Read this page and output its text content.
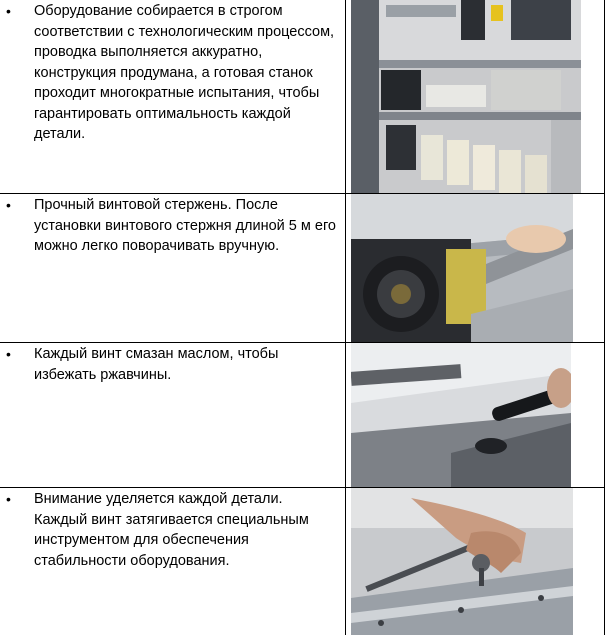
• Оборудование собирается в строгом соответствии с технологическим процессом, проводка выполняется аккуратно, конструкция продумана, а готовая станок проходит многократные испытания, чтобы гарантировать оптимальность каждой детали.
• Прочный винтовой стержень. После установки винтового стержня длиной 5 м его можно легко поворачивать вручную.
• Каждый винт смазан маслом, чтобы избежать ржавчины.
• Внимание уделяется каждой детали. Каждый винт затягивается специальным инструментом для обеспечения стабильности оборудования.
